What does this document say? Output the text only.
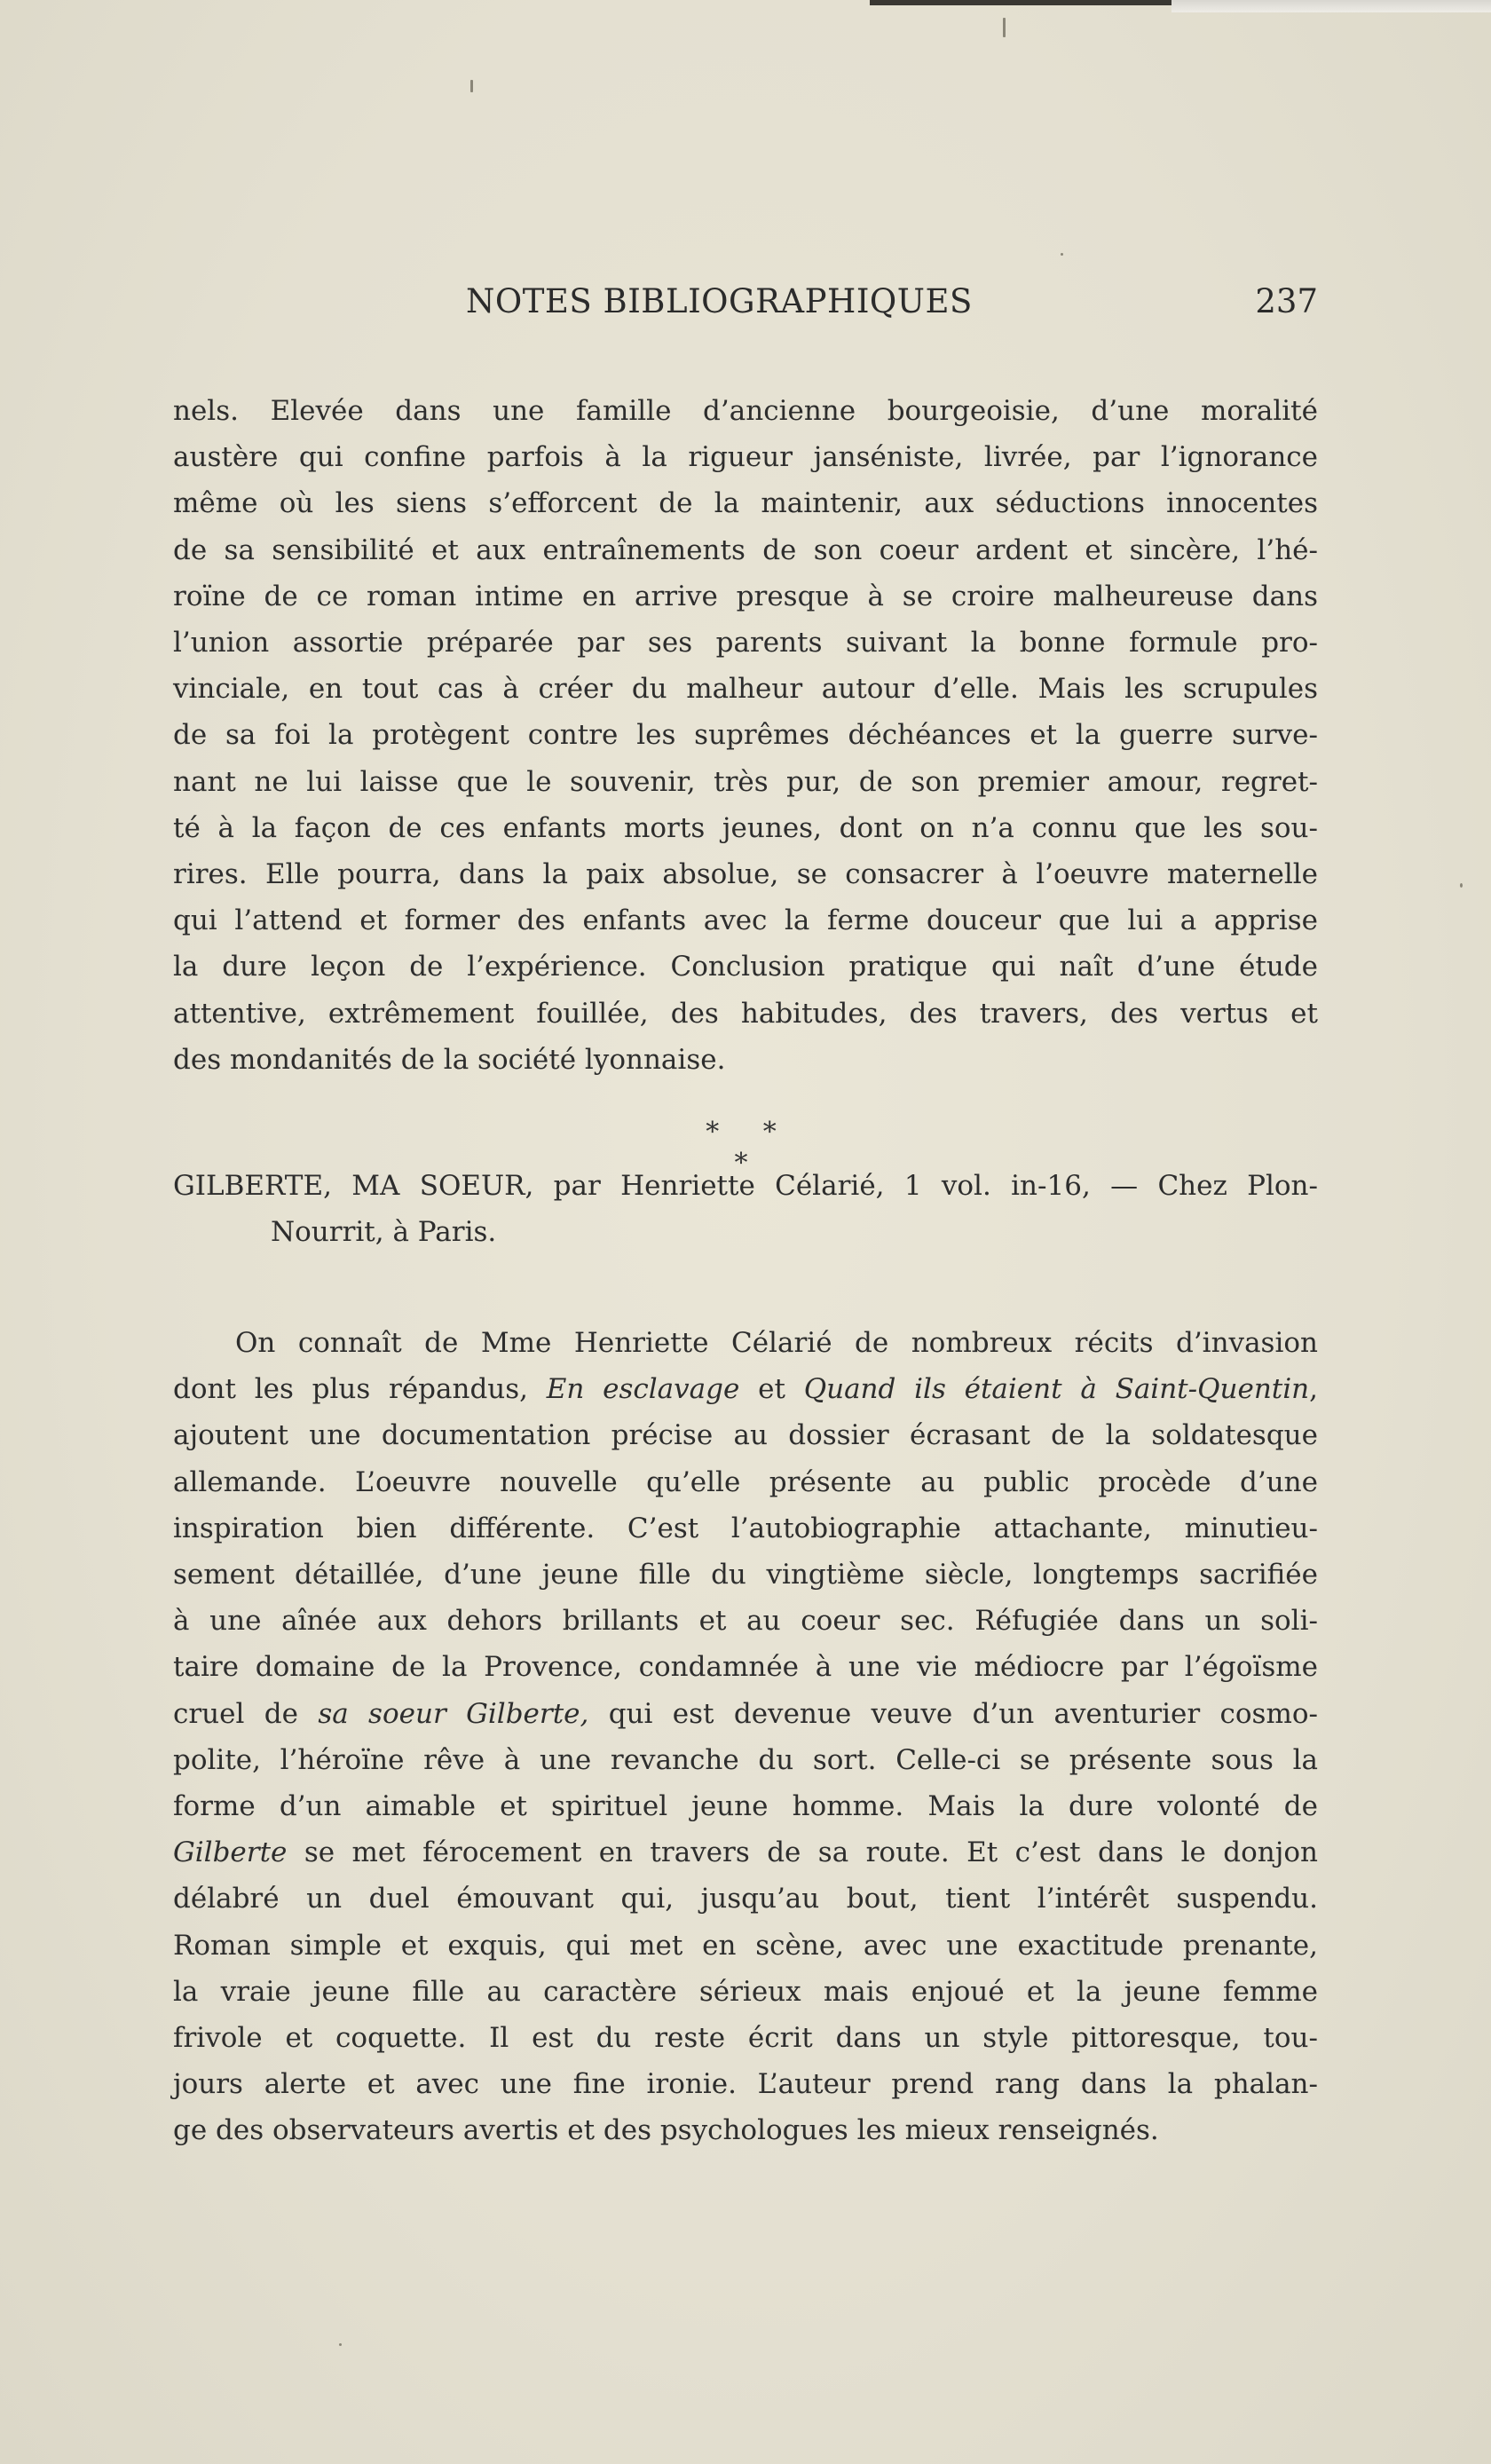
NOTES BIBLIOGRAPHIQUES	237
nels. Elevée dans une famille d’ancienne bourgeoisie, d’une moralité
austère qui confine parfois à la rigueur janséniste, livrée, par l’ignorance
même où les siens s’efforcent de la maintenir, aux séductions innocentes
de sa sensibilité et aux entraînements de son coeur ardent et sincère, l’hé-
roïne de ce roman intime en arrive presque à se croire malheureuse dans
l’union assortie préparée par ses parents suivant la bonne formule pro-
vinciale, en tout cas à créer du malheur autour d’elle. Mais les scrupules
de sa foi la protègent contre les suprêmes déchéances et la guerre surve-
nant ne lui laisse que le souvenir, très pur, de son premier amour, regret-
té à la façon de ces enfants morts jeunes, dont on n’a connu que les sou-
rires. Elle pourra, dans la paix absolue, se consacrer à l’oeuvre maternelle
qui l’attend et former des enfants avec la ferme douceur que lui a apprise
la dure leçon de l’expérience. Conclusion pratique qui naît d’une étude
attentive, extrêmement fouillée, des habitudes, des travers, des vertus et
des mondanités de la société lyonnaise.
* * *
GILBERTE, MA SOEUR, par Henriette Célarié, 1 vol. in-16, — Chez Plon-
Nourrit, à Paris.
On connaît de Mme Henriette Célarié de nombreux récits d’invasion
dont les plus répandus, En esclavage et Quand ils étaient à Saint-Quentin,
ajoutent une documentation précise au dossier écrasant de la soldatesque
allemande. L’oeuvre nouvelle qu’elle présente au public procède d’une
inspiration bien différente. C’est l’autobiographie attachante, minutieu-
sement détaillée, d’une jeune fille du vingtième siècle, longtemps sacrifiée
à une aînée aux dehors brillants et au coeur sec. Réfugiée dans un soli-
taire domaine de la Provence, condamnée à une vie médiocre par l’égoïsme
cruel de sa soeur Gilberte, qui est devenue veuve d’un aventurier cosmo-
polite, l’héroïne rêve à une revanche du sort. Celle-ci se présente sous la
forme d’un aimable et spirituel jeune homme. Mais la dure volonté de
Gilberte se met férocement en travers de sa route. Et c’est dans le donjon
délabré un duel émouvant qui, jusqu’au bout, tient l’intérêt suspendu.
Roman simple et exquis, qui met en scène, avec une exactitude prenante,
la vraie jeune fille au caractère sérieux mais enjoué et la jeune femme
frivole et coquette. Il est du reste écrit dans un style pittoresque, tou-
jours alerte et avec une fine ironie. L’auteur prend rang dans la phalan-
ge des observateurs avertis et des psychologues les mieux renseignés.
